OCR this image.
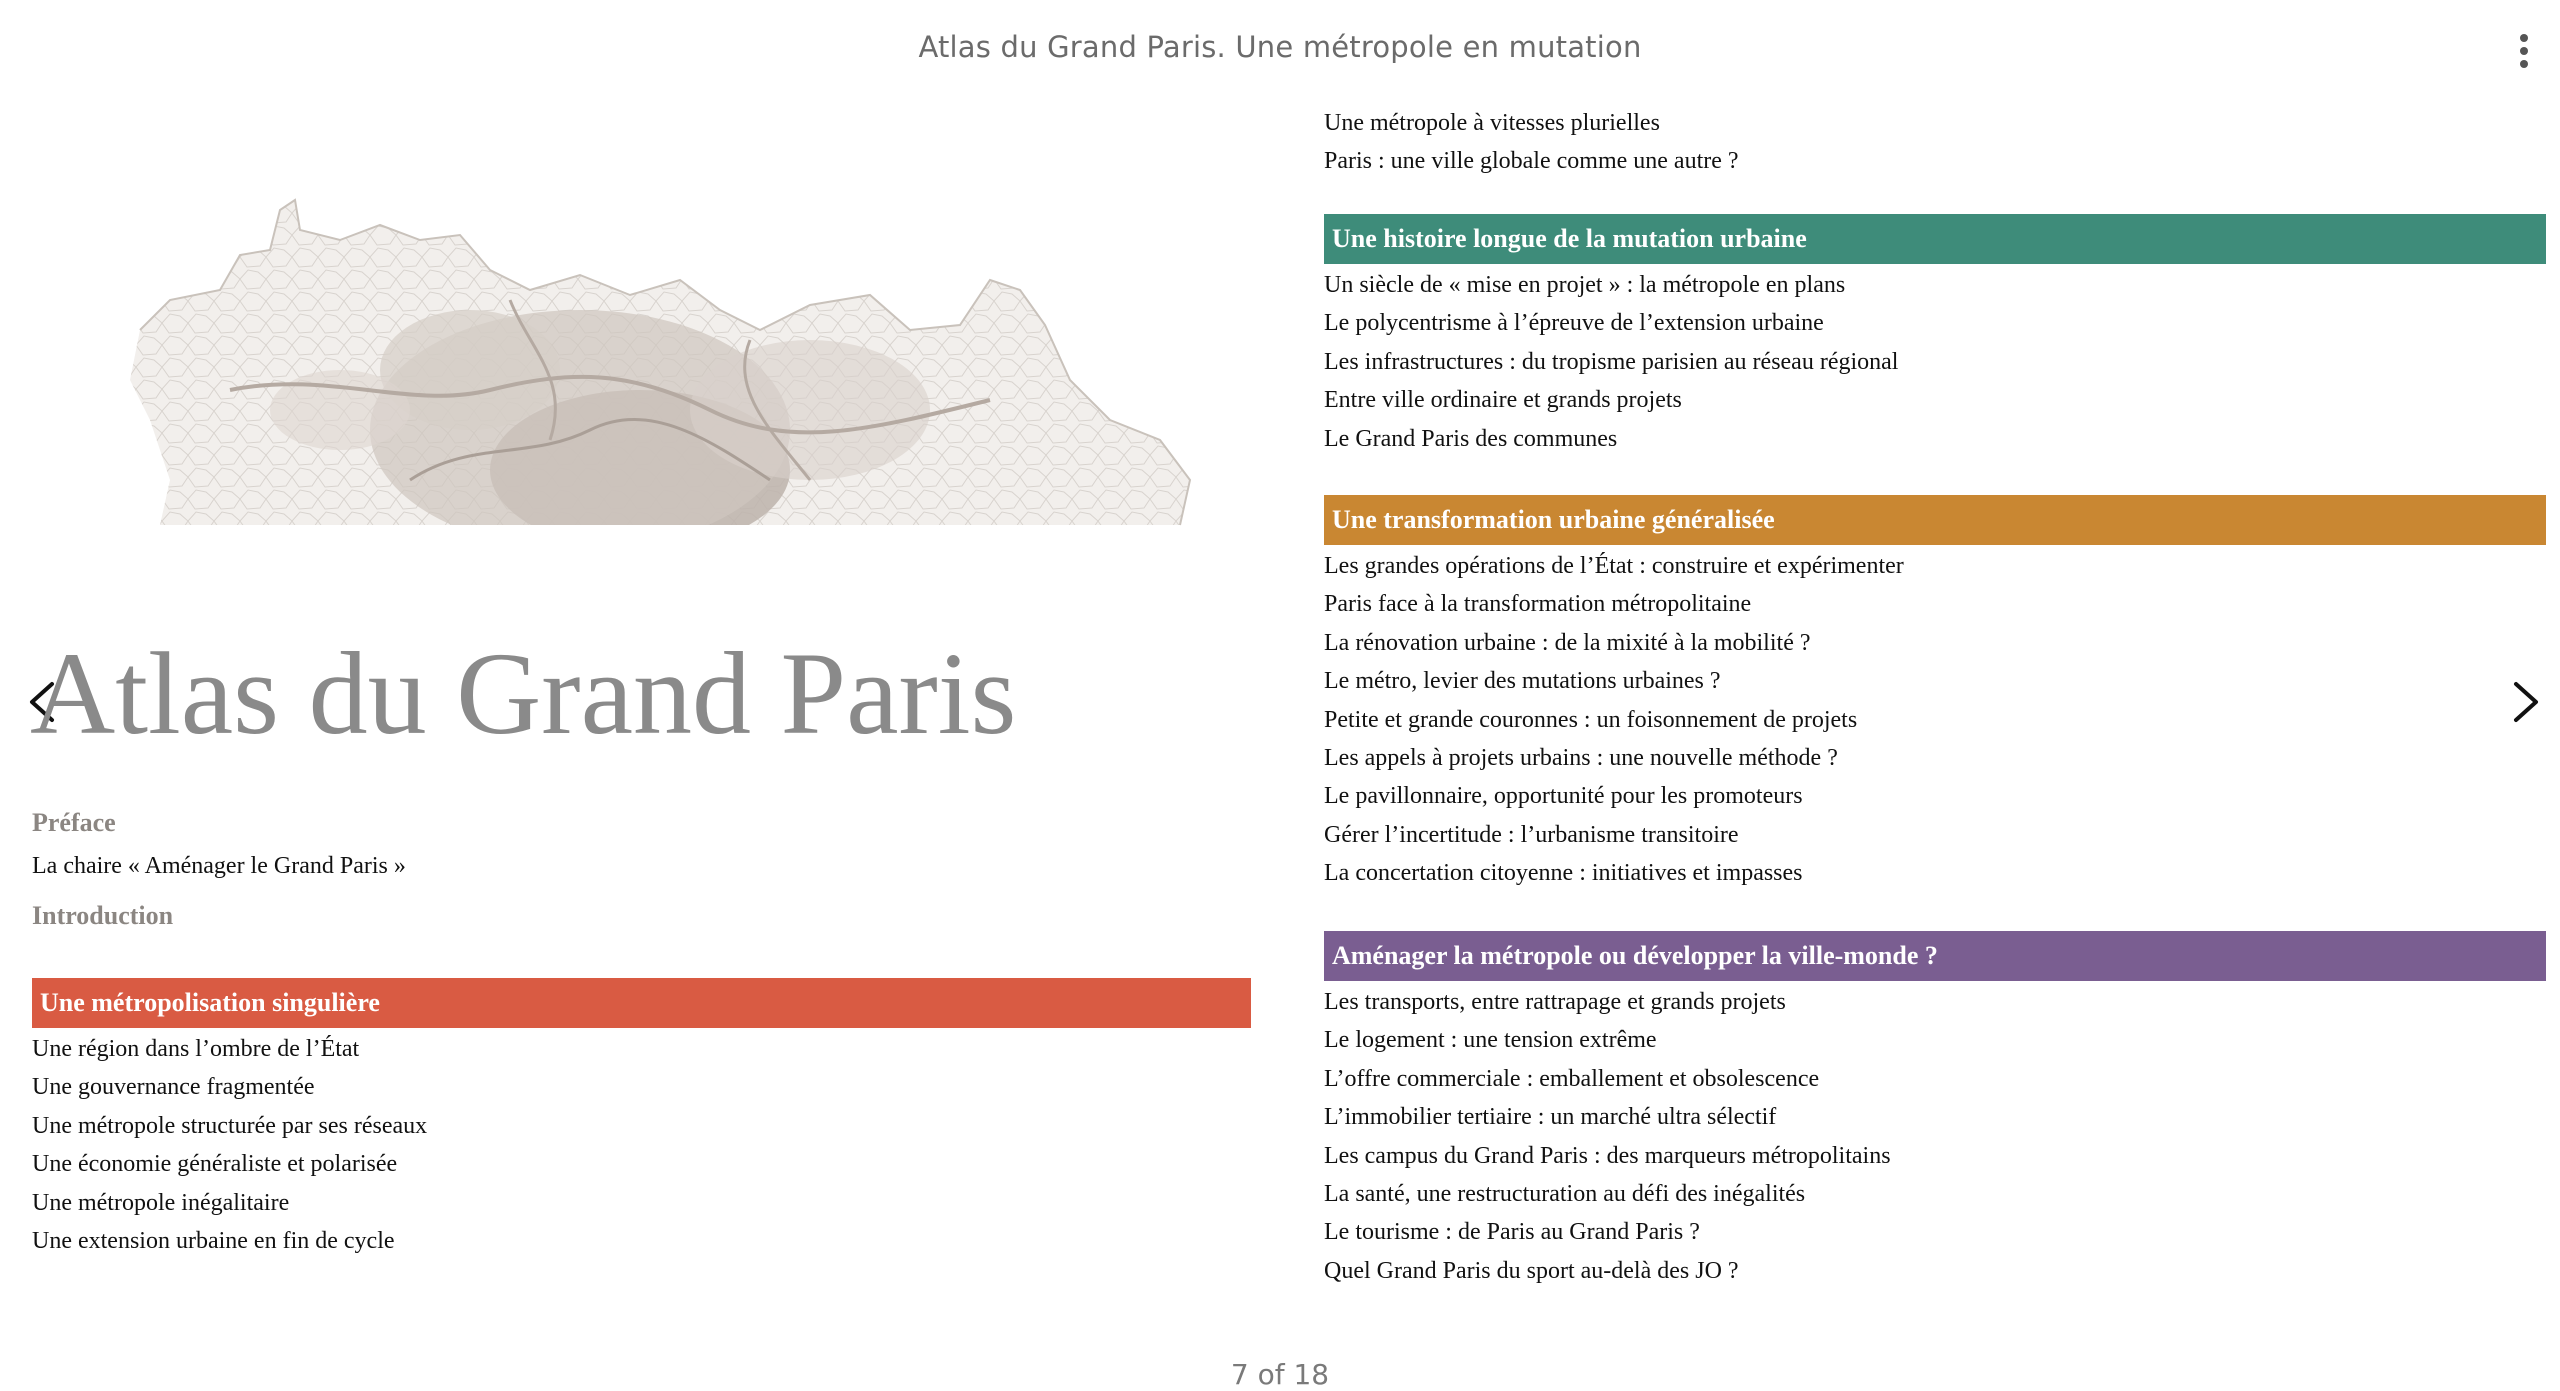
Atlas du Grand Paris. Une métropole en mutation
Atlas du Grand Paris
Préface
La chaire « Aménager le Grand Paris »
Introduction
Une métropolisation singulière
Une région dans l’ombre de l’État
Une gouvernance fragmentée
Une métropole structurée par ses réseaux
Une économie généraliste et polarisée
Une métropole inégalitaire
Une extension urbaine en fin de cycle
Une métropole à vitesses plurielles
Paris : une ville globale comme une autre ?
Une histoire longue de la mutation urbaine
Un siècle de « mise en projet » : la métropole en plans
Le polycentrisme à l’épreuve de l’extension urbaine
Les infrastructures : du tropisme parisien au réseau régional
Entre ville ordinaire et grands projets
Le Grand Paris des communes
Une transformation urbaine généralisée
Les grandes opérations de l’État : construire et expérimenter
Paris face à la transformation métropolitaine
La rénovation urbaine : de la mixité à la mobilité ?
Le métro, levier des mutations urbaines ?
Petite et grande couronnes : un foisonnement de projets
Les appels à projets urbains : une nouvelle méthode ?
Le pavillonnaire, opportunité pour les promoteurs
Gérer l’incertitude : l’urbanisme transitoire
La concertation citoyenne : initiatives et impasses
Aménager la métropole ou développer la ville-monde ?
Les transports, entre rattrapage et grands projets
Le logement : une tension extrême
L’offre commerciale : emballement et obsolescence
L’immobilier tertiaire : un marché ultra sélectif
Les campus du Grand Paris : des marqueurs métropolitains
La santé, une restructuration au défi des inégalités
Le tourisme : de Paris au Grand Paris ?
Quel Grand Paris du sport au-delà des JO ?
7 of 18
